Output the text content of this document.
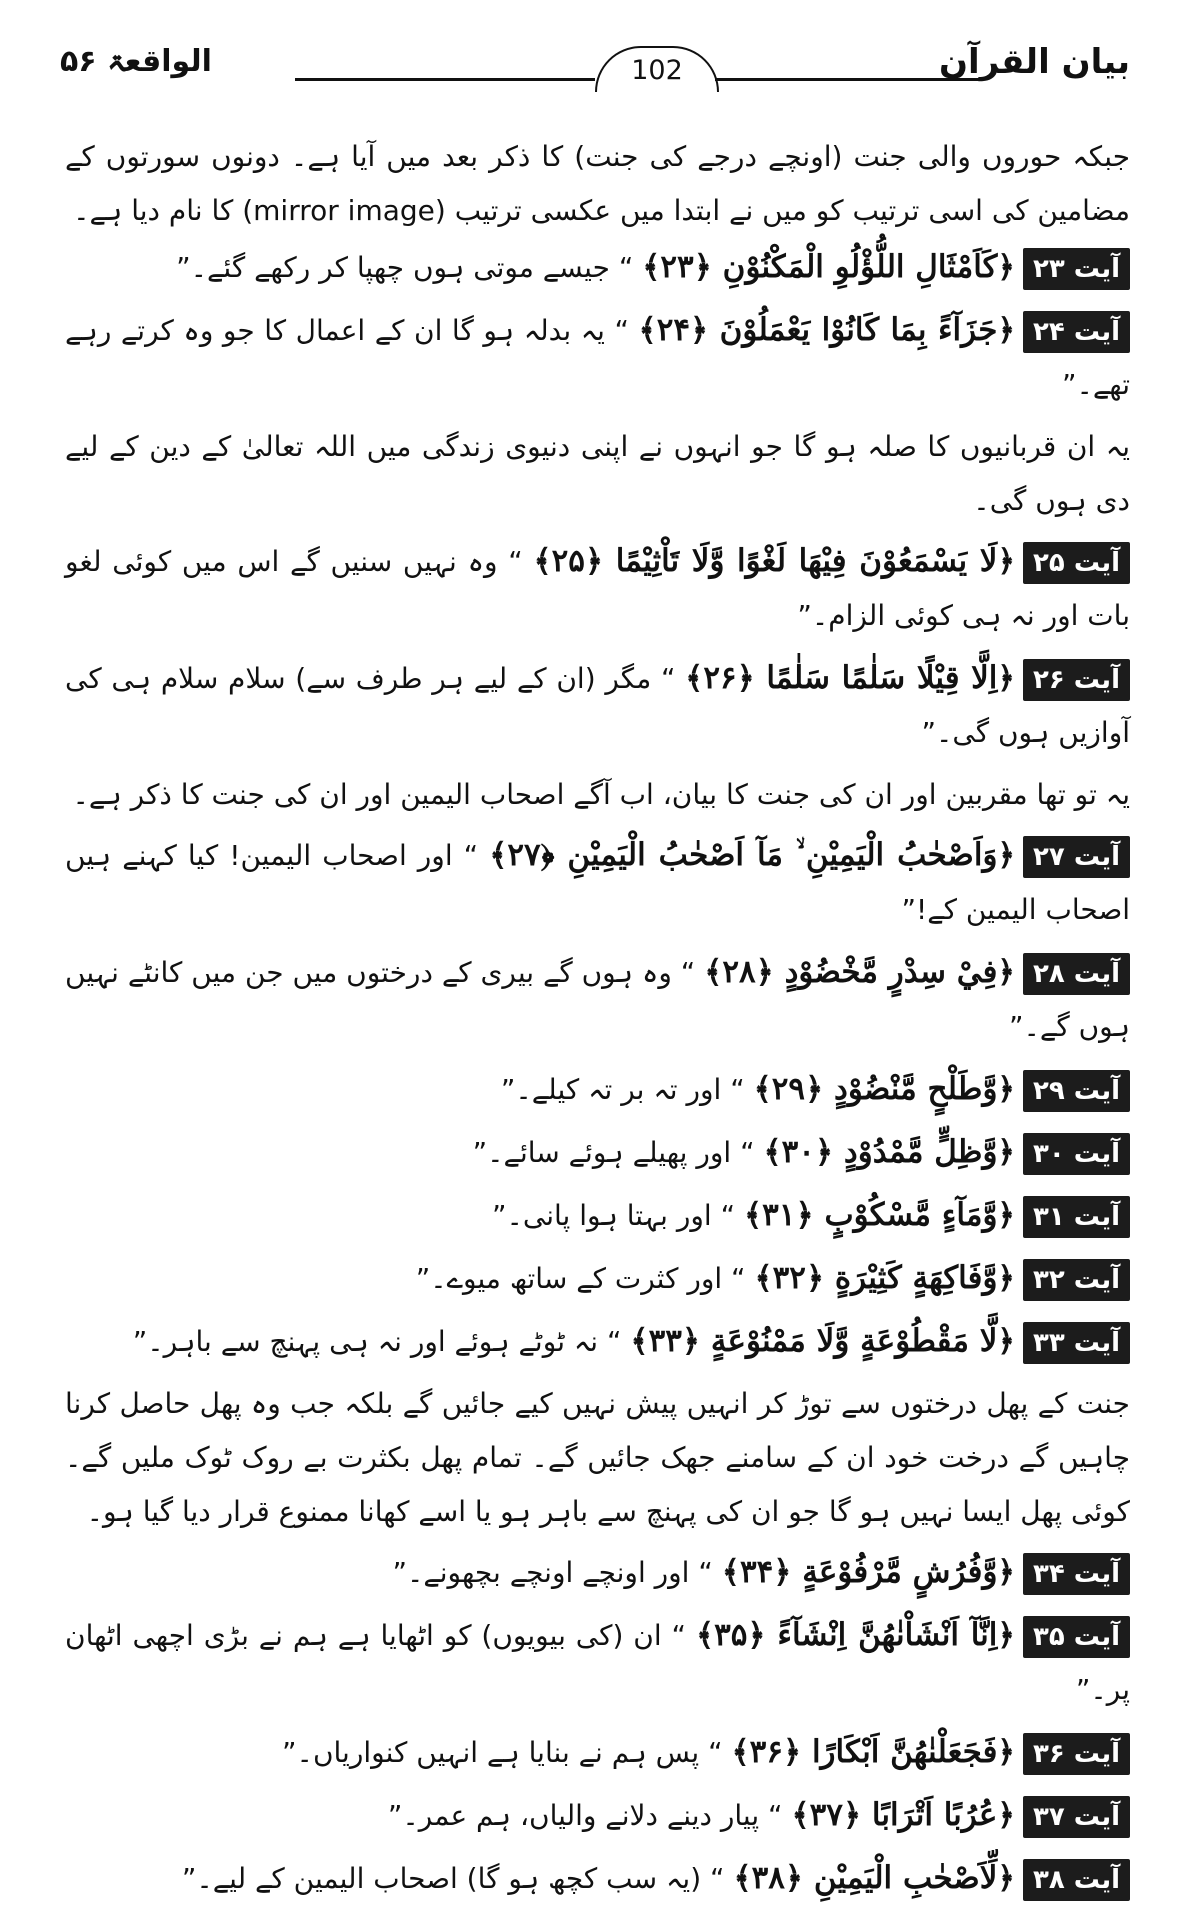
بیان القرآن
102
الواقعۃ ۵۶

جبکہ حوروں والی جنت (اونچے درجے کی جنت) کا ذکر بعد میں آیا ہے۔ دونوں سورتوں کے مضامین کی اسی ترتیب کو میں نے ابتدا میں عکسی ترتیب (mirror image) کا نام دیا ہے۔

آیت ۲۳﴿كَاَمْثَالِ اللُّؤْلُوِ الْمَكْنُوْنِ ﴿۲۳﴾ “ جیسے موتی ہوں چھپا کر رکھے گئے۔”
آیت ۲۴﴿جَزَآءً بِمَا كَانُوْا يَعْمَلُوْنَ ﴿۲۴﴾ “ یہ بدلہ ہو گا ان کے اعمال کا جو وہ کرتے رہے تھے۔”

یہ ان قربانیوں کا صلہ ہو گا جو انہوں نے اپنی دنیوی زندگی میں اللہ تعالیٰ کے دین کے لیے دی ہوں گی۔

آیت ۲۵﴿لَا يَسْمَعُوْنَ فِيْهَا لَغْوًا وَّلَا تَاْثِيْمًا ﴿۲۵﴾ “ وہ نہیں سنیں گے اس میں کوئی لغو بات اور نہ ہی کوئی الزام۔”
آیت ۲۶﴿اِلَّا قِيْلًا سَلٰمًا سَلٰمًا ﴿۲۶﴾ “ مگر (ان کے لیے ہر طرف سے) سلام سلام ہی کی آوازیں ہوں گی۔”

یہ تو تھا مقربین اور ان کی جنت کا بیان، اب آگے اصحاب الیمین اور ان کی جنت کا ذکر ہے۔

آیت ۲۷﴿وَاَصْحٰبُ الْيَمِيْنِ ۙ مَآ اَصْحٰبُ الْيَمِيْنِ ﴿۲۷﴾ “ اور اصحاب الیمین! کیا کہنے ہیں اصحاب الیمین کے!”
آیت ۲۸﴿فِيْ سِدْرٍ مَّخْضُوْدٍ ﴿۲۸﴾ “ وہ ہوں گے بیری کے درختوں میں جن میں کانٹے نہیں ہوں گے۔”
آیت ۲۹﴿وَّطَلْحٍ مَّنْضُوْدٍ ﴿۲۹﴾ “ اور تہ بر تہ کیلے۔”
آیت ۳۰﴿وَّظِلٍّ مَّمْدُوْدٍ ﴿۳۰﴾ “ اور پھیلے ہوئے سائے۔”
آیت ۳۱﴿وَّمَآءٍ مَّسْكُوْبٍ ﴿۳۱﴾ “ اور بہتا ہوا پانی۔”
آیت ۳۲﴿وَّفَاكِهَةٍ كَثِيْرَةٍ ﴿۳۲﴾ “ اور کثرت کے ساتھ میوے۔”
آیت ۳۳﴿لَّا مَقْطُوْعَةٍ وَّلَا مَمْنُوْعَةٍ ﴿۳۳﴾ “ نہ ٹوٹے ہوئے اور نہ ہی پہنچ سے باہر۔”

جنت کے پھل درختوں سے توڑ کر انہیں پیش نہیں کیے جائیں گے بلکہ جب وہ پھل حاصل کرنا چاہیں گے درخت خود ان کے سامنے جھک جائیں گے۔ تمام پھل بکثرت بے روک ٹوک ملیں گے۔ کوئی پھل ایسا نہیں ہو گا جو ان کی پہنچ سے باہر ہو یا اسے کھانا ممنوع قرار دیا گیا ہو۔

آیت ۳۴﴿وَّفُرُشٍ مَّرْفُوْعَةٍ ﴿۳۴﴾ “ اور اونچے اونچے بچھونے۔”
آیت ۳۵﴿اِنَّآ اَنْشَاْنٰهُنَّ اِنْشَآءً ﴿۳۵﴾ “ ان (کی بیویوں) کو اٹھایا ہے ہم نے بڑی اچھی اٹھان پر۔”
آیت ۳۶﴿فَجَعَلْنٰهُنَّ اَبْكَارًا ﴿۳۶﴾ “ پس ہم نے بنایا ہے انہیں کنواریاں۔”
آیت ۳۷﴿عُرُبًا اَتْرَابًا ﴿۳۷﴾ “ پیار دینے دلانے والیاں، ہم عمر۔”
آیت ۳۸﴿لِّاَصْحٰبِ الْيَمِيْنِ ﴿۳۸﴾ “ (یہ سب کچھ ہو گا) اصحاب الیمین کے لیے۔”
